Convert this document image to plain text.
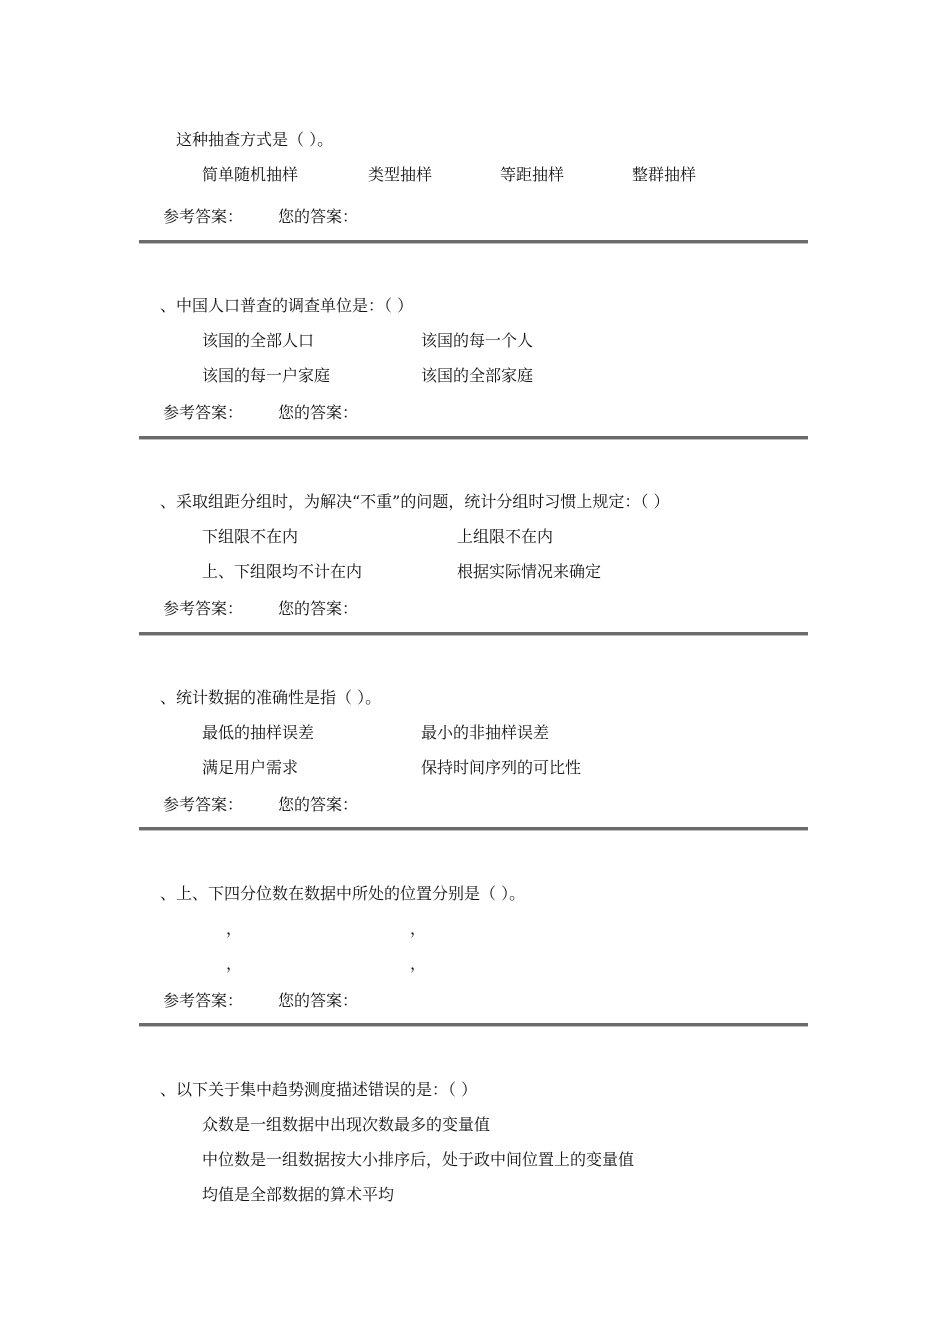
这种抽查方式是（ ）。
简单随机抽样	类型抽样	等距抽样	整群抽样
参考答案： 您的答案：
、中国人口普查的调查单位是：（ ）
该国的全部人口	该国的每一个人
该国的每一户家庭	该国的全部家庭
参考答案： 您的答案：
、采取组距分组时，为解决“不重”的问题，统计分组时习惯上规定：（ ）
下组限不在内	上组限不在内
上、下组限均不计在内	根据实际情况来确定
参考答案： 您的答案：
、统计数据的准确性是指（ ）。
最低的抽样误差	最小的非抽样误差
满足用户需求	保持时间序列的可比性
参考答案： 您的答案：
、上、下四分位数在数据中所处的位置分别是（ ）。
，	，
，	，
参考答案： 您的答案：
、以下关于集中趋势测度描述错误的是：（ ）
众数是一组数据中出现次数最多的变量值
中位数是一组数据按大小排序后，处于政中间位置上的变量值
均值是全部数据的算术平均
